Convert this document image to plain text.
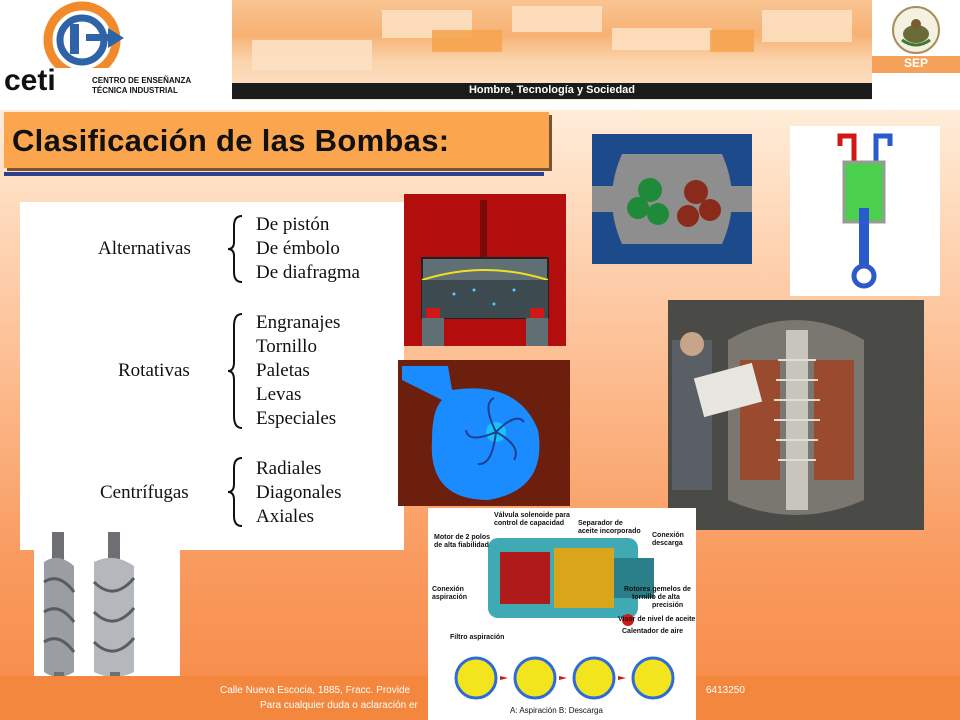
ceti	CENTRO DE ENSEÑANZA
TÉCNICA INDUSTRIAL	Hombre, Tecnología y Sociedad
SEP
Clasificación de las Bombas:
Alternativas
De pistón
De émbolo
De diafragma
Rotativas
Engranajes
Tornillo
Paletas
Levas
Especiales
Centrífugas
Radiales
Diagonales
Axiales
Calle Nueva Escocia, 1885, Fracc. Provide
Para cualquier duda o aclaración er
6413250
Válvula solenoide para
control de capacidad Separador de
aceite incorporado
Motor de 2 polos
de alta fiabilidad
Conexión
descarga
Conexión
aspiración
Rotores gemelos de
tornillo de alta
precisión
Visor de nivel de aceite
Filtro aspiración
Calentador de aire
A: Aspiración B: Descarga
